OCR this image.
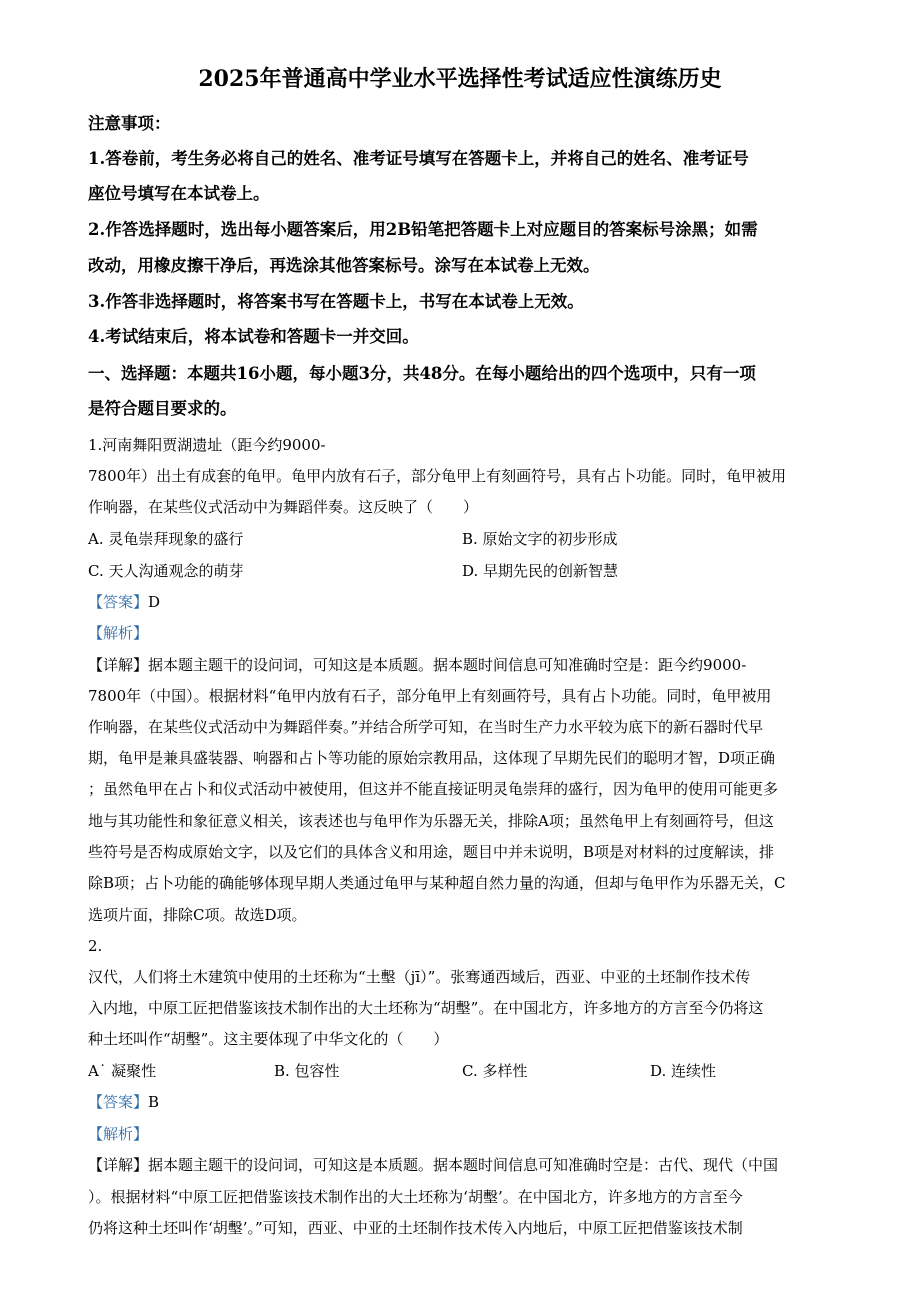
2025年普通高中学业水平选择性考试适应性演练历史
注意事项：
1.答卷前，考生务必将自己的姓名、准考证号填写在答题卡上，并将自己的姓名、准考证号
座位号填写在本试卷上。
2.作答选择题时，选出每小题答案后，用2B铅笔把答题卡上对应题目的答案标号涂黑；如需
改动，用橡皮擦干净后，再选涂其他答案标号。涂写在本试卷上无效。
3.作答非选择题时，将答案书写在答题卡上，书写在本试卷上无效。
4.考试结束后，将本试卷和答题卡一并交回。
一、选择题：本题共16小题，每小题3分，共48分。在每小题给出的四个选项中，只有一项
是符合题目要求的。
1.河南舞阳贾湖遗址（距今约9000-
7800年）出土有成套的龟甲。龟甲内放有石子，部分龟甲上有刻画符号，具有占卜功能。同时，龟甲被用
作响器，在某些仪式活动中为舞蹈伴奏。这反映了（　　）
A. 灵龟崇拜现象的盛行	B. 原始文字的初步形成
C. 天人沟通观念的萌芽	D. 早期先民的创新智慧
【答案】D
【解析】
【详解】据本题主题干的设问词，可知这是本质题。据本题时间信息可知准确时空是：距今约9000-
7800年（中国）。根据材料“龟甲内放有石子，部分龟甲上有刻画符号，具有占卜功能。同时，龟甲被用
作响器，在某些仪式活动中为舞蹈伴奏。”并结合所学可知，在当时生产力水平较为底下的新石器时代早
期，龟甲是兼具盛装器、响器和占卜等功能的原始宗教用品，这体现了早期先民们的聪明才智，D项正确
；虽然龟甲在占卜和仪式活动中被使用，但这并不能直接证明灵龟崇拜的盛行，因为龟甲的使用可能更多
地与其功能性和象征意义相关，该表述也与龟甲作为乐器无关，排除A项；虽然龟甲上有刻画符号，但这
些符号是否构成原始文字，以及它们的具体含义和用途，题目中并未说明，B项是对材料的过度解读，排
除B项；占卜功能的确能够体现早期人类通过龟甲与某种超自然力量的沟通，但却与龟甲作为乐器无关，C
选项片面，排除C项。故选D项。
2.
汉代，人们将土木建筑中使用的土坯称为“土墼（jī）”。张骞通西域后，西亚、中亚的土坯制作技术传
入内地，中原工匠把借鉴该技术制作出的大土坯称为“胡墼”。在中国北方，许多地方的方言至今仍将这
种土坯叫作“胡墼”。这主要体现了中华文化的（　　）
A˙ 凝聚性	B. 包容性	C. 多样性	D. 连续性
【答案】B
【解析】
【详解】据本题主题干的设问词，可知这是本质题。据本题时间信息可知准确时空是：古代、现代（中国
）。根据材料“中原工匠把借鉴该技术制作出的大土坯称为‘胡墼’。在中国北方，许多地方的方言至今
仍将这种土坯叫作‘胡墼’。”可知，西亚、中亚的土坯制作技术传入内地后，中原工匠把借鉴该技术制
